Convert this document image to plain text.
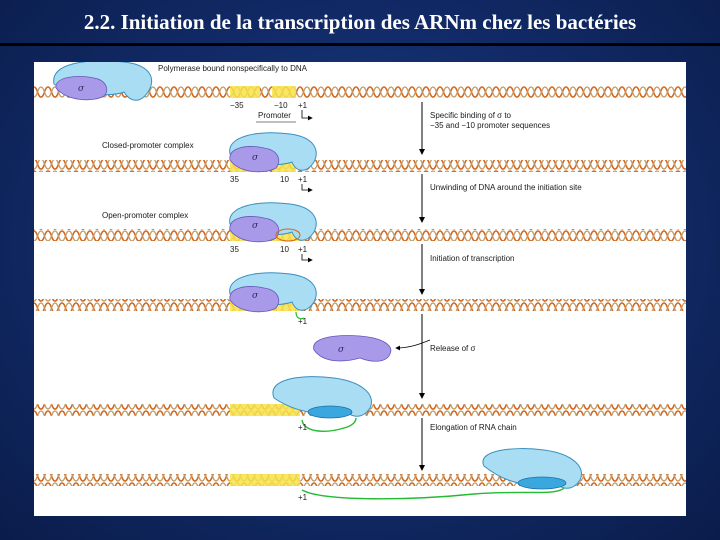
2.2. Initiation de la transcription des ARNm chez les bactéries
σ
Polymerase bound nonspecifically to DNA
−35	−10 +1
Promoter	Specific binding of σ to
−35 and −10 promoter sequences
Closed-promoter complex
σ
35	10 +1
Unwinding of DNA around the initiation site
Open-promoter complex
σ
35	10 +1
Initiation of transcription
σ
+1
σ	Release of σ
+1	Elongation of RNA chain
+1
